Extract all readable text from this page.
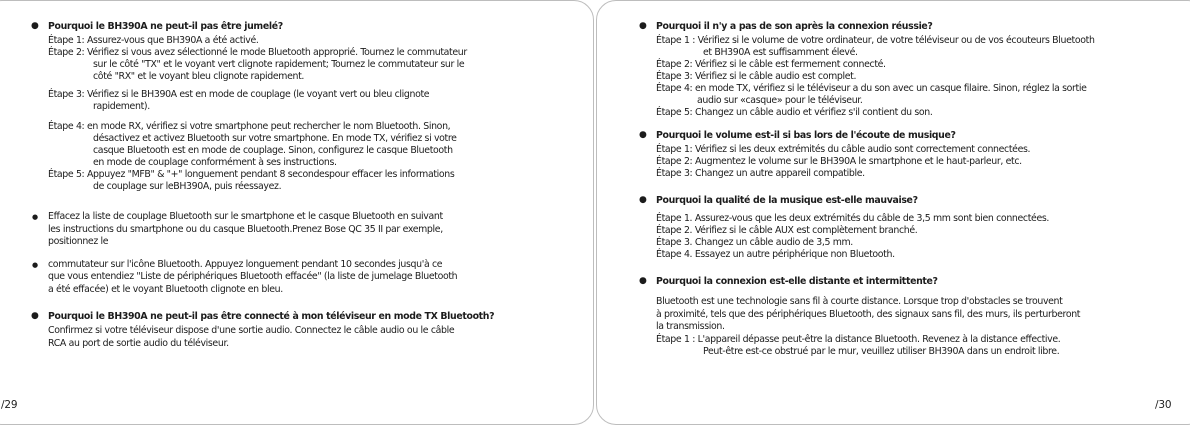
● Pourquoi le BH390A ne peut-il pas être jumelé?
Étape 1: Assurez-vous que BH390A a été activé.
Étape 2: Vérifiez si vous avez sélectionné le mode Bluetooth approprié. Tournez le commutateur
sur le côté "TX" et le voyant vert clignote rapidement; Tournez le commutateur sur le
côté "RX" et le voyant bleu clignote rapidement.
Étape 3: Vérifiez si le BH390A est en mode de couplage (le voyant vert ou bleu clignote
rapidement).
Étape 4: en mode RX, vérifiez si votre smartphone peut rechercher le nom Bluetooth. Sinon,
désactivez et activez Bluetooth sur votre smartphone. En mode TX, vérifiez si votre
casque Bluetooth est en mode de couplage. Sinon, configurez le casque Bluetooth
en mode de couplage conformément à ses instructions.
Étape 5: Appuyez "MFB" & "+" longuement pendant 8 secondespour effacer les informations
de couplage sur leBH390A, puis réessayez.
● Effacez la liste de couplage Bluetooth sur le smartphone et le casque Bluetooth en suivant
les instructions du smartphone ou du casque Bluetooth.Prenez Bose QC 35 II par exemple,
positionnez le
● commutateur sur l'icône Bluetooth. Appuyez longuement pendant 10 secondes jusqu'à ce
que vous entendiez "Liste de périphériques Bluetooth effacée" (la liste de jumelage Bluetooth
a été effacée) et le voyant Bluetooth clignote en bleu.
● Pourquoi le BH390A ne peut-il pas être connecté à mon téléviseur en mode TX Bluetooth?
Confirmez si votre téléviseur dispose d'une sortie audio. Connectez le câble audio ou le câble
RCA au port de sortie audio du téléviseur.
/29
● Pourquoi il n'y a pas de son après la connexion réussie?
Étape 1 : Vérifiez si le volume de votre ordinateur, de votre téléviseur ou de vos écouteurs Bluetooth
et BH390A est suffisamment élevé.
Étape 2: Vérifiez si le câble est fermement connecté.
Étape 3: Vérifiez si le câble audio est complet.
Étape 4: en mode TX, vérifiez si le téléviseur a du son avec un casque filaire. Sinon, réglez la sortie
audio sur «casque» pour le téléviseur.
Étape 5: Changez un câble audio et vérifiez s'il contient du son.
● Pourquoi le volume est-il si bas lors de l'écoute de musique?
Étape 1: Vérifiez si les deux extrémités du câble audio sont correctement connectées.
Étape 2: Augmentez le volume sur le BH390A le smartphone et le haut-parleur, etc.
Étape 3: Changez un autre appareil compatible.
● Pourquoi la qualité de la musique est-elle mauvaise?
Étape 1. Assurez-vous que les deux extrémités du câble de 3,5 mm sont bien connectées.
Étape 2. Vérifiez si le câble AUX est complètement branché.
Étape 3. Changez un câble audio de 3,5 mm.
Étape 4. Essayez un autre périphérique non Bluetooth.
● Pourquoi la connexion est-elle distante et intermittente?
Bluetooth est une technologie sans fil à courte distance. Lorsque trop d'obstacles se trouvent
à proximité, tels que des périphériques Bluetooth, des signaux sans fil, des murs, ils perturberont
la transmission.
Étape 1 : L'appareil dépasse peut-être la distance Bluetooth. Revenez à la distance effective.
Peut-être est-ce obstrué par le mur, veuillez utiliser BH390A dans un endroit libre.
/30
